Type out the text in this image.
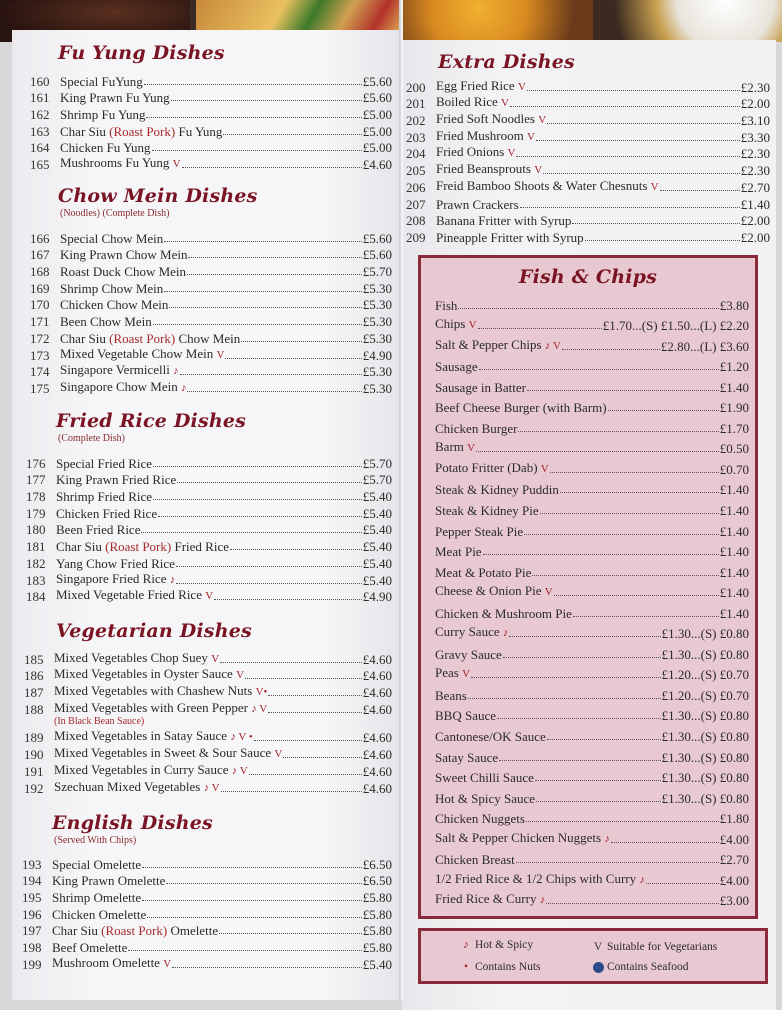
Fu Yung Dishes
160 Special FuYung	£5.60
161 King Prawn Fu Yung	£5.60
162 Shrimp Fu Yung	£5.00
163 Char Siu (Roast Pork) Fu Yung	£5.00
164 Chicken Fu Yung	£5.00
165 Mushrooms Fu Yung V	£4.60
Chow Mein Dishes
(Noodles) (Complete Dish)
166 Special Chow Mein	£5.60
167 King Prawn Chow Mein	£5.60
168 Roast Duck Chow Mein	£5.70
169 Shrimp Chow Mein	£5.30
170 Chicken Chow Mein	£5.30
171 Been Chow Mein	£5.30
172 Char Siu (Roast Pork) Chow Mein	£5.30
173 Mixed Vegetable Chow Mein V	£4.90
174 Singapore Vermicelli ♪	£5.30
175 Singapore Chow Mein ♪	£5.30
Fried Rice Dishes
(Complete Dish)
176 Special Fried Rice	£5.70
177 King Prawn Fried Rice	£5.70
178 Shrimp Fried Rice	£5.40
179 Chicken Fried Rice	£5.40
180 Been Fried Rice	£5.40
181 Char Siu (Roast Pork) Fried Rice	£5.40
182 Yang Chow Fried Rice	£5.40
183 Singapore Fried Rice ♪	£5.40
184 Mixed Vegetable Fried Rice V	£4.90
Vegetarian Dishes
185 Mixed Vegetables Chop Suey V	£4.60
186 Mixed Vegetables in Oyster Sauce V	£4.60
187 Mixed Vegetables with Chashew Nuts V•	£4.60
188 Mixed Vegetables with Green Pepper ♪ V	£4.60
(In Black Bean Sauce)
189 Mixed Vegetables in Satay Sauce ♪ V •	£4.60
190 Mixed Vegetables in Sweet & Sour Sauce V	£4.60
191 Mixed Vegetables in Curry Sauce ♪ V	£4.60
192 Szechuan Mixed Vegetables ♪ V	£4.60
English Dishes
(Served With Chips)
193 Special Omelette	£6.50
194 King Prawn Omelette	£6.50
195 Shrimp Omelette	£5.80
196 Chicken Omelette	£5.80
197 Char Siu (Roast Pork) Omelette	£5.80
198 Beef Omelette	£5.80
199 Mushroom Omelette V	£5.40
Extra Dishes
200 Egg Fried Rice V	£2.30
201 Boiled Rice V	£2.00
202 Fried Soft Noodles V	£3.10
203 Fried Mushroom V	£3.30
204 Fried Onions V	£2.30
205 Fried Beansprouts V	£2.30
206 Freid Bamboo Shoots & Water Chesnuts V	£2.70
207 Prawn Crackers	£1.40
208 Banana Fritter with Syrup	£2.00
209 Pineapple Fritter with Syrup	£2.00
Fish & Chips
Fish	£3.80
Chips V	£1.70...(S) £1.50...(L) £2.20
Salt & Pepper Chips ♪ V	£2.80...(L) £3.60
Sausage	£1.20
Sausage in Batter	£1.40
Beef Cheese Burger (with Barm)	£1.90
Chicken Burger	£1.70
Barm V	£0.50
Potato Fritter (Dab) V	£0.70
Steak & Kidney Puddin	£1.40
Steak & Kidney Pie	£1.40
Pepper Steak Pie	£1.40
Meat Pie	£1.40
Meat & Potato Pie	£1.40
Cheese & Onion Pie V	£1.40
Chicken & Mushroom Pie	£1.40
Curry Sauce ♪	£1.30...(S) £0.80
Gravy Sauce	£1.30...(S) £0.80
Peas V	£1.20...(S) £0.70
Beans	£1.20...(S) £0.70
BBQ Sauce	£1.30...(S) £0.80
Cantonese/OK Sauce	£1.30...(S) £0.80
Satay Sauce	£1.30...(S) £0.80
Sweet Chilli Sauce	£1.30...(S) £0.80
Hot & Spicy Sauce	£1.30...(S) £0.80
Chicken Nuggets	£1.80
Salt & Pepper Chicken Nuggets ♪	£4.00
Chicken Breast	£2.70
1/2 Fried Rice & 1/2 Chips with Curry ♪	£4.00
Fried Rice & Curry ♪	£3.00
♪ Hot & Spicy	V Suitable for Vegetarians
• Contains Nuts	Contains Seafood
